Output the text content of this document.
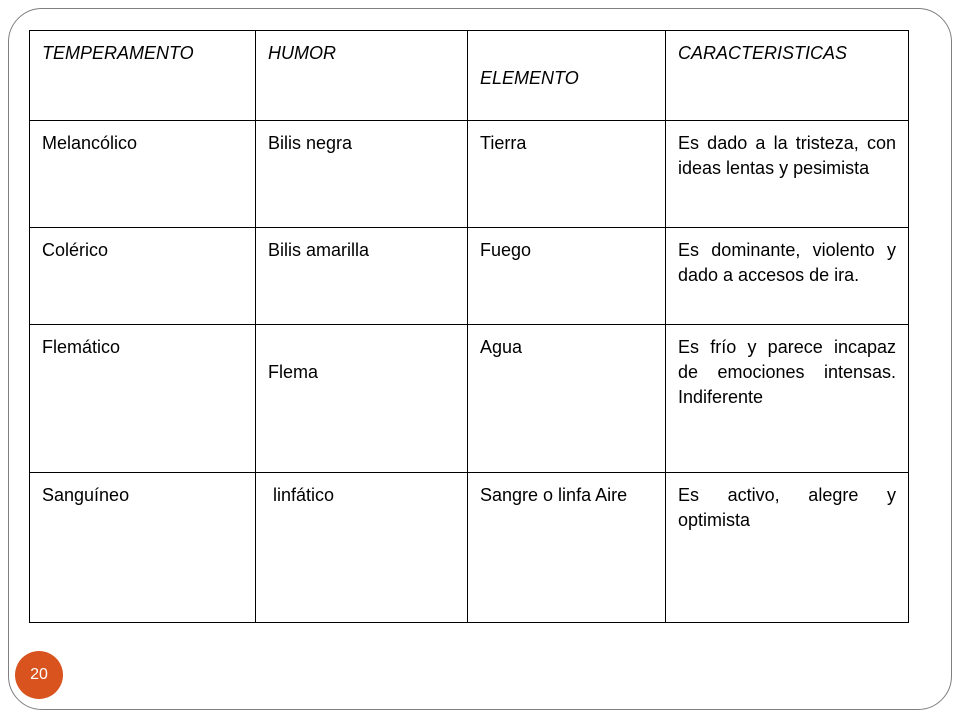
TEMPERAMENTO	HUMOR	ELEMENTO	CARACTERISTICAS
Melancólico	Bilis negra	Tierra	Es dado a la tristeza, con ideas lentas y pesimista
Colérico	Bilis amarilla	Fuego	Es dominante, violento y dado a accesos de ira.
Flemático	Flema	Agua	Es frío y parece incapaz de emociones intensas. Indiferente
Sanguíneo	linfático	Sangre o linfa Aire	Es activo, alegre y optimista
20
